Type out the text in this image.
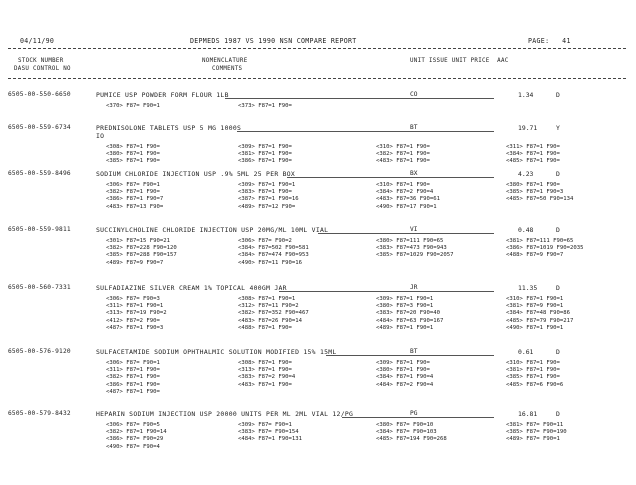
04/11/90	DEPMEDS 1987 VS 1990 NSN COMPARE REPORT	PAGE: 41
STOCK NUMBER
DASU CONTROL NO
NOMENCLATURE
COMMENTS
UNIT ISSUE UNIT PRICE  AAC
6505-00-550-6650	PUMICE USP POWDER FORM FLOUR 1LB	CO	1.34	D
<370> F87= F90=1	<373> F87=1 F90=
6505-00-559-6734	PREDNISOLONE TABLETS USP 5 MG 1000S
IO
BT	19.71	Y
<308> F87=1 F90=	<309> F87=1 F90=	<310> F87=1 F90=	<311> F87=1 F90=
<380> F87=1 F90=	<381> F87=1 F90=	<382> F87=1 F90=	<384> F87=1 F90=
<385> F87=1 F90=	<386> F87=1 F90=	<483> F87=1 F90=	<485> F87=1 F90=
6505-00-559-8496	SODIUM CHLORIDE INJECTION USP .9% 5ML 25 PER BOX	BX	4.23	D
<306> F87= F90=1	<309> F87=1 F90=1	<310> F87=1 F90=	<380> F87=1 F90=
<382> F87=1 F90=	<383> F87=1 F90=	<384> F87=2 F90=4	<385> F87=1 F90=3
<386> F87=1 F90=7	<387> F87=1 F90=16	<483> F87=36 F90=61	<485> F87=50 F90=134
<483> F87=13 F90=	<489> F87=12 F90=	<490> F87=17 F90=1
6505-00-559-9811	SUCCINYLCHOLINE CHLORIDE INJECTION USP 20MG/ML 10ML VIAL	VI	0.48	D
<301> F87=15 F90=21	<306> F87= F90=2	<380> F87=111 F90=65	<381> F87=111 F90=65
<382> F87=228 F90=120	<384> F87=502 F90=581	<383> F87=473 F90=943	<386> F87=1019 F90=2035
<385> F87=288 F90=157	<384> F87=474 F90=953	<385> F87=1029 F90=2057	<488> F87=9 F90=7
<489> F87=9 F90=7	<490> F87=11 F90=16
6505-00-560-7331	SULFADIAZINE SILVER CREAM 1% TOPICAL 400GM JAR	JR	11.35	D
<306> F87= F90=3	<308> F87=1 F90=1	<309> F87=1 F90=1	<310> F87=1 F90=1
<311> F87=1 F90=1	<312> F87=11 F90=2	<380> F87=3 F90=1	<381> F87=9 F90=1
<313> F87=19 F90=2	<382> F87=352 F90=467	<383> F87=20 F90=40	<384> F87=48 F90=86
<412> F87=2 F90=	<483> F87=26 F90=14	<484> F87=63 F90=167	<485> F87=79 F90=217
<487> F87=1 F90=3	<488> F87=1 F90=	<489> F87=1 F90=1	<490> F87=1 F90=1
6505-00-576-9120	SULFACETAMIDE SODIUM OPHTHALMIC SOLUTION MODIFIED 15% 15ML	BT	0.61	D
<306> F87= F90=1	<308> F87=1 F90=	<309> F87=1 F90=	<310> F87=1 F90=
<311> F87=1 F90=	<313> F87=1 F90=	<380> F87=1 F90=	<381> F87=1 F90=
<382> F87=1 F90=	<383> F87=2 F90=4	<384> F87=1 F90=4	<385> F87=1 F90=
<386> F87=1 F90=	<483> F87=1 F90=	<484> F87=2 F90=4	<485> F87=6 F90=6
<487> F87=1 F90=
6505-00-579-8432	HEPARIN SODIUM INJECTION USP 20000 UNITS PER ML 2ML VIAL 12/PG	PG	16.81	D
<306> F87= F90=5	<309> F87= F90=1	<380> F87= F90=10	<381> F87= F90=11
<382> F87=1 F90=14	<383> F87= F90=154	<384> F87= F90=103	<385> F87= F90=190
<386> F87= F90=29	<484> F87=1 F90=131	<485> F87=194 F90=268	<489> F87= F90=1
<490> F87= F90=4
